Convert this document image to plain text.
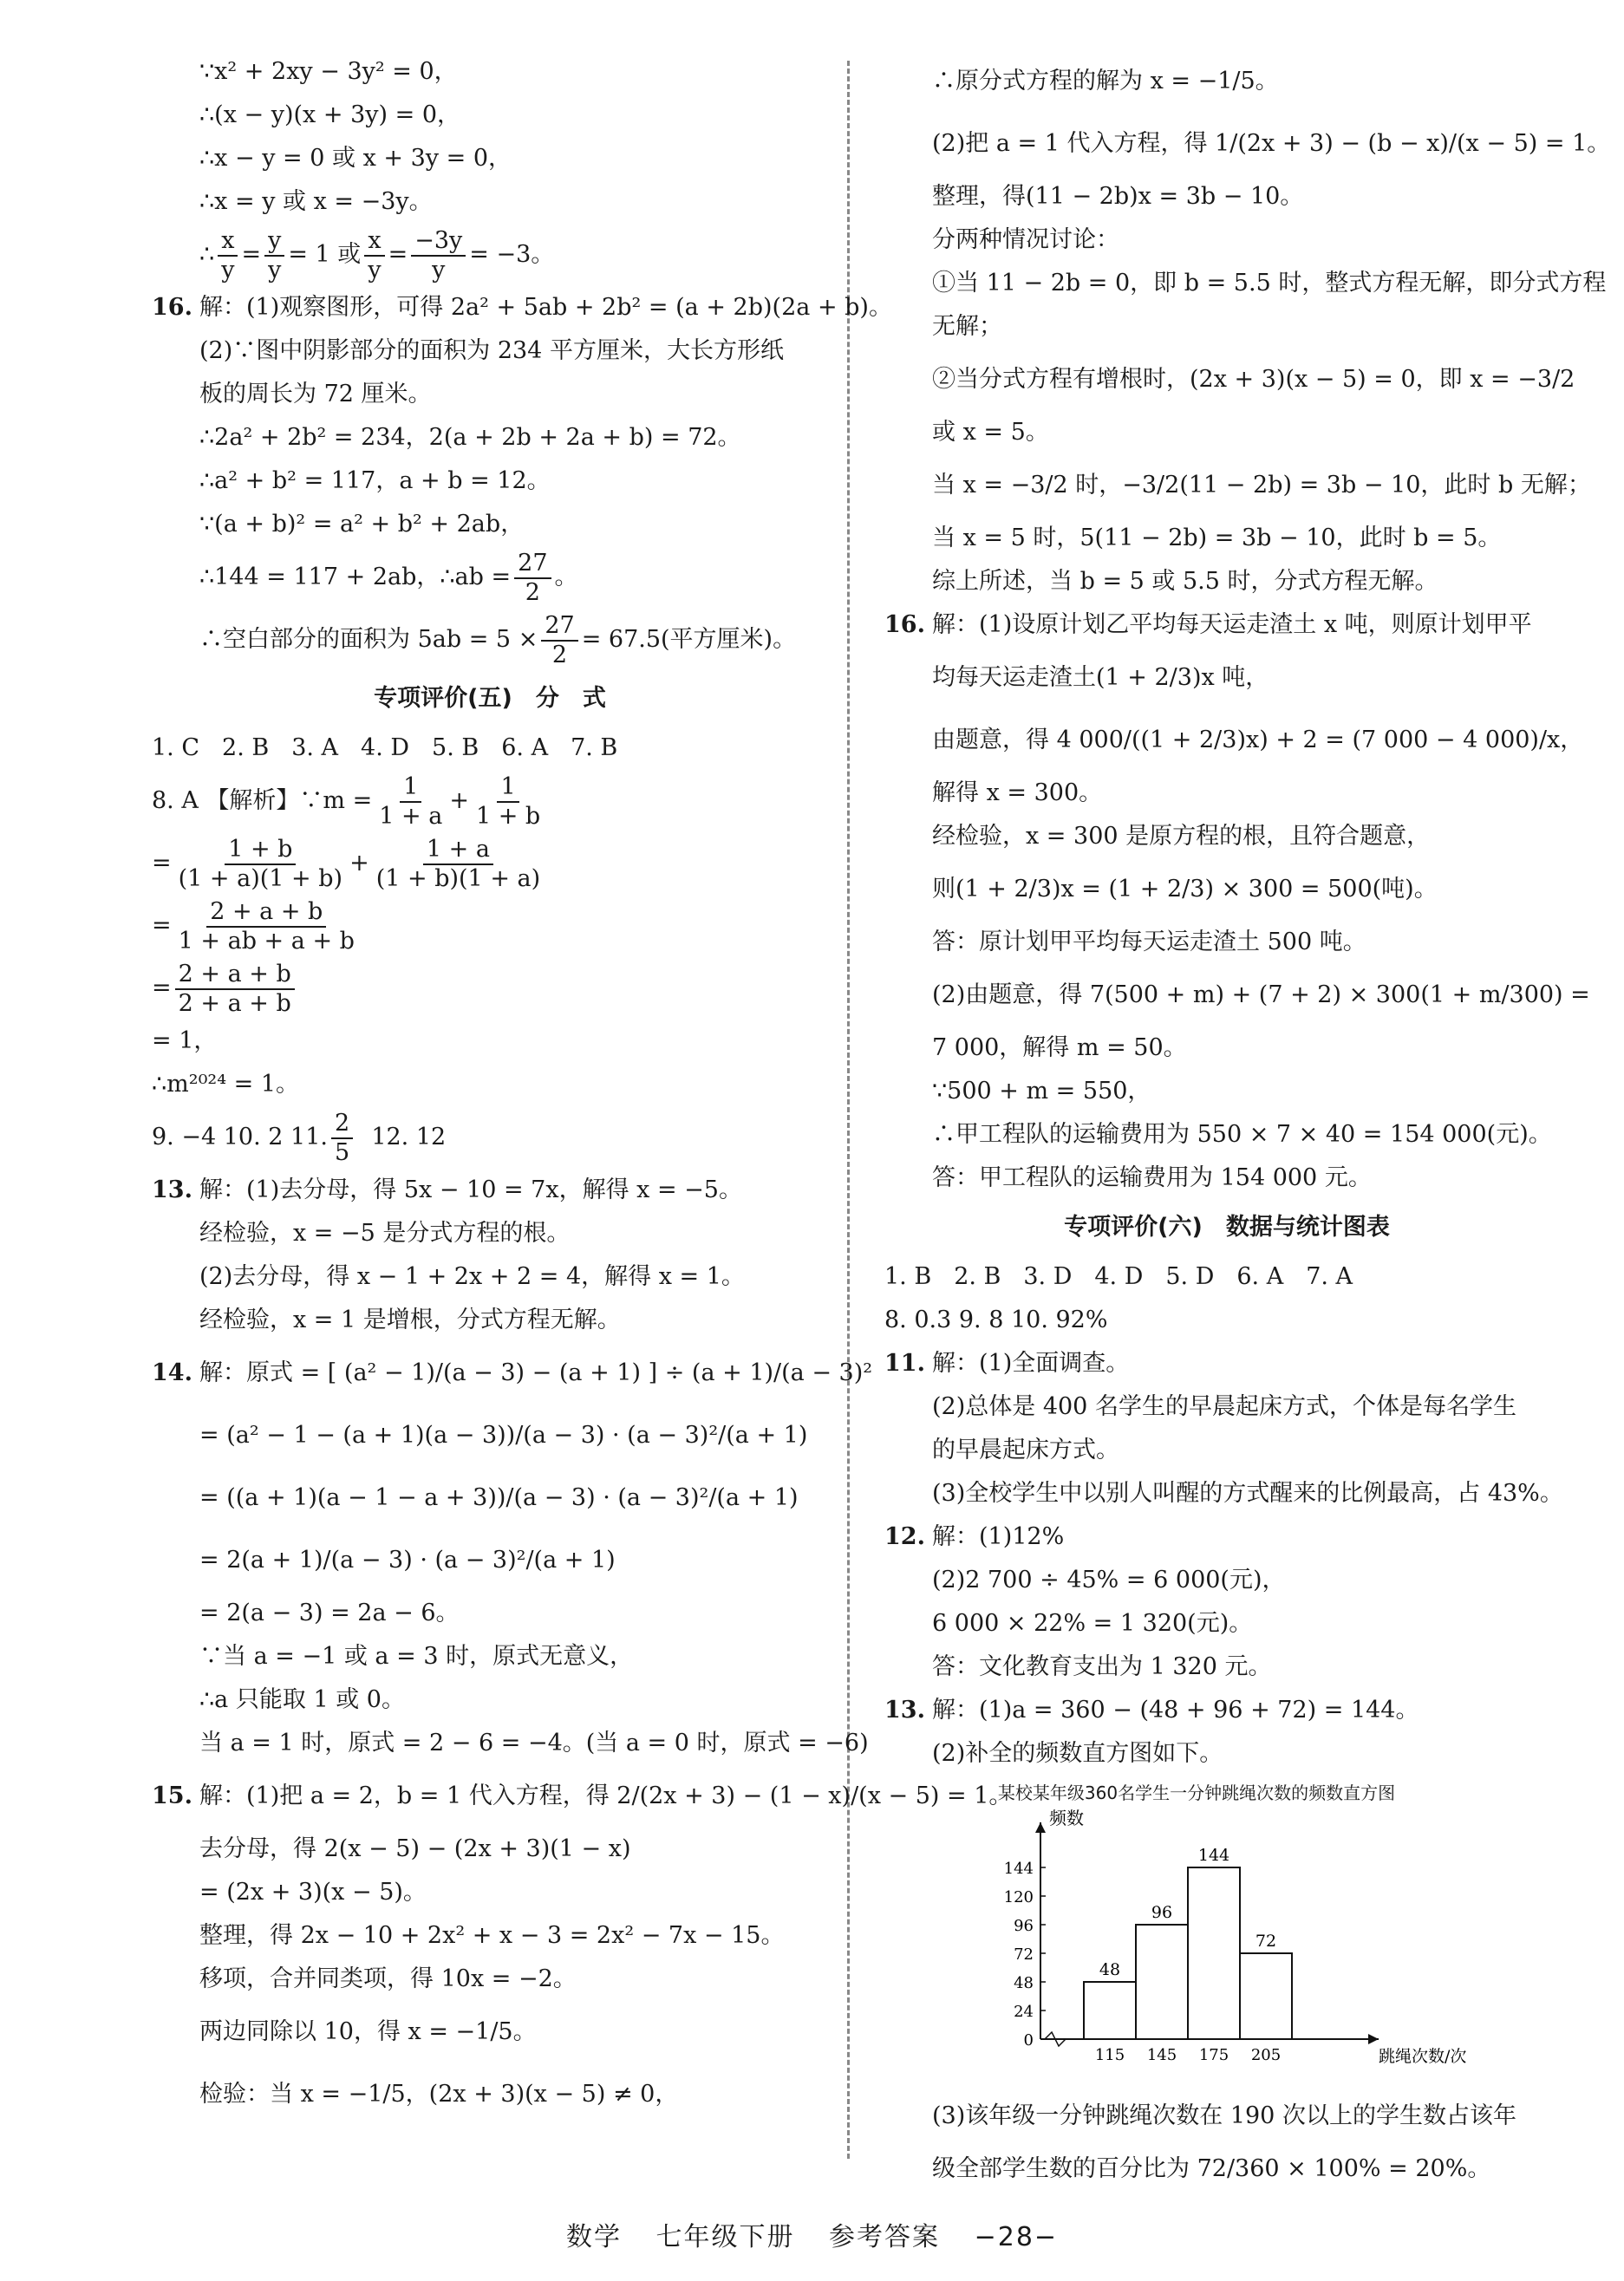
∵x² + 2xy − 3y² = 0，
∴(x − y)(x + 3y) = 0，
∴x − y = 0 或 x + 3y = 0，
∴x = y 或 x = −3y。
∴ $\frac{x}{y} = \frac{y}{y} = 1$ 或 $\frac{x}{y} = \frac{-3y}{y} = -3$。
16. 解：(1)观察图形，可得 2a² + 5ab + 2b² = (a + 2b)(2a + b)。
(2)∵图中阴影部分的面积为 234 平方厘米，大长方形纸
板的周长为 72 厘米。
∴2a² + 2b² = 234，2(a + 2b + 2a + b) = 72。
∴a² + b² = 117，a + b = 12。
∵(a + b)² = a² + b² + 2ab，
∴144 = 117 + 2ab，∴ab = $\frac{27}{2}$ 。
∴空白部分的面积为 $5ab = 5 \times \frac{27}{2} = 67.5$(平方厘米)。
专项评价(五)　分　式
1. C 2. B 3. A 4. D 5. B 6. A 7. B
8. A 【解析】∵m = $\frac{1}{1 + a} + \frac{1}{1 + b}$
= $\frac{1 + b}{(1 + a)(1 + b)} + \frac{1 + a}{(1 + b)(1 + a)}$
= $\frac{2 + a + b}{1 + ab + a + b}$
= $\frac{2 + a + b}{2 + a + b}$
= 1，
∴m²⁰²⁴ = 1。
9. −4 10. 2 11. $\frac{2}{5} 12$. 12
13. 解：(1)去分母，得 5x − 10 = 7x，解得 x = −5。
经检验，x = −5 是分式方程的根。
(2)去分母，得 x − 1 + 2x + 2 = 4，解得 x = 1。
经检验，x = 1 是增根，分式方程无解。
14. 解：原式 = [ (a² − 1)/(a − 3) − (a + 1) ] ÷ (a + 1)/(a − 3)²
= (a² − 1 − (a + 1)(a − 3))/(a − 3) · (a − 3)²/(a + 1)
= ((a + 1)(a − 1 − a + 3))/(a − 3) · (a − 3)²/(a + 1)
= 2(a + 1)/(a − 3) · (a − 3)²/(a + 1)
= 2(a − 3) = 2a − 6。
∵当 a = −1 或 a = 3 时，原式无意义，
∴a 只能取 1 或 0。
当 a = 1 时，原式 = 2 − 6 = −4。(当 a = 0 时，原式 = −6)
15. 解：(1)把 a = 2，b = 1 代入方程，得 2/(2x + 3) − (1 − x)/(x − 5) = 1。
去分母，得 2(x − 5) − (2x + 3)(1 − x)
= (2x + 3)(x − 5)。
整理，得 2x − 10 + 2x² + x − 3 = 2x² − 7x − 15。
移项，合并同类项，得 10x = −2。
两边同除以 10，得 x = −1/5。
检验：当 x = −1/5，(2x + 3)(x − 5) ≠ 0，
∴原分式方程的解为 x = −1/5。
(2)把 a = 1 代入方程，得 1/(2x + 3) − (b − x)/(x − 5) = 1。
整理，得(11 − 2b)x = 3b − 10。
分两种情况讨论：
①当 11 − 2b = 0，即 b = 5.5 时，整式方程无解，即分式方程
无解；
②当分式方程有增根时，(2x + 3)(x − 5) = 0，即 x = −3/2
或 x = 5。
当 x = −3/2 时，−3/2(11 − 2b) = 3b − 10，此时 b 无解；
当 x = 5 时，5(11 − 2b) = 3b − 10，此时 b = 5。
综上所述，当 b = 5 或 5.5 时，分式方程无解。
16. 解：(1)设原计划乙平均每天运走渣土 x 吨，则原计划甲平
均每天运走渣土(1 + 2/3)x 吨，
由题意，得 4 000/((1 + 2/3)x) + 2 = (7 000 − 4 000)/x，
解得 x = 300。
经检验，x = 300 是原方程的根，且符合题意，
则(1 + 2/3)x = (1 + 2/3) × 300 = 500(吨)。
答：原计划甲平均每天运走渣土 500 吨。
(2)由题意，得 7(500 + m) + (7 + 2) × 300(1 + m/300) =
7 000，解得 m = 50。
∵500 + m = 550，
∴甲工程队的运输费用为 550 × 7 × 40 = 154 000(元)。
答：甲工程队的运输费用为 154 000 元。
专项评价(六)　数据与统计图表
1. B 2. B 3. D 4. D 5. D 6. A 7. A
8. 0.3 9. 8 10. 92%
11. 解：(1)全面调查。
(2)总体是 400 名学生的早晨起床方式，个体是每名学生
的早晨起床方式。
(3)全校学生中以别人叫醒的方式醒来的比例最高，占 43%。
12. 解：(1)12%
(2)2 700 ÷ 45% = 6 000(元)，
6 000 × 22% = 1 320(元)。
答：文化教育支出为 1 320 元。
13. 解：(1)a = 360 − (48 + 96 + 72) = 144。
(2)补全的频数直方图如下。
某校某年级360名学生一分钟跳绳次数的频数直方图
0
24
48
72
96
120
144
48
96
144
72
115 145 175 205
频数
跳绳次数/次
(3)该年级一分钟跳绳次数在 190 次以上的学生数占该年
级全部学生数的百分比为 72/360 × 100% = 20%。
数学 七年级下册 参考答案 −28−
